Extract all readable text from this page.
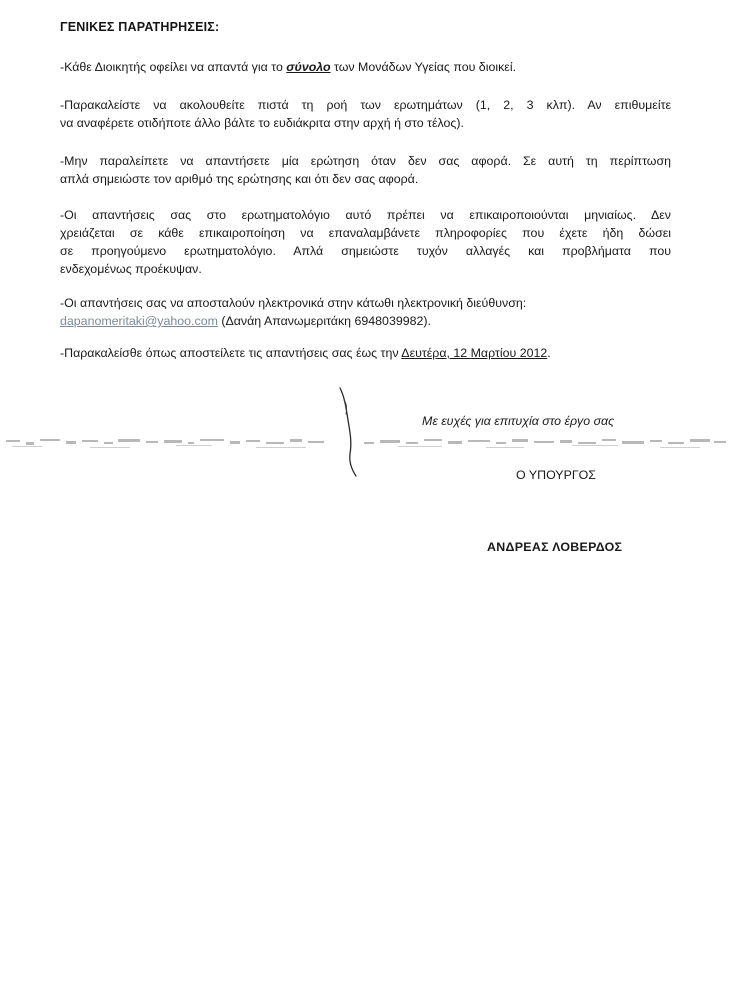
ΓΕΝΙΚΕΣ ΠΑΡΑΤΗΡΗΣΕΙΣ:

-Κάθε Διοικητής οφείλει να απαντά για το σύνολο των Μονάδων Υγείας που διοικεί.

-Παρακαλείστε να ακολουθείτε πιστά τη ροή των ερωτημάτων (1, 2, 3 κλπ). Αν επιθυμείτε
να αναφέρετε οτιδήποτε άλλο βάλτε το ευδιάκριτα στην αρχή ή στο τέλος).

-Μην παραλείπετε να απαντήσετε μία ερώτηση όταν δεν σας αφορά. Σε αυτή τη περίπτωση
απλά σημειώστε τον αριθμό της ερώτησης και ότι δεν σας αφορά.

-Οι απαντήσεις σας στο ερωτηματολόγιο αυτό πρέπει να επικαιροποιούνται μηνιαίως. Δεν
χρειάζεται σε κάθε επικαιροποίηση να επαναλαμβάνετε πληροφορίες που έχετε ήδη δώσει
σε προηγούμενο ερωτηματολόγιο. Απλά σημειώστε τυχόν αλλαγές και προβλήματα που
ενδεχομένως προέκυψαν.

-Οι απαντήσεις σας να αποσταλούν ηλεκτρονικά στην κάτωθι ηλεκτρονική διεύθυνση:
dapanomeritaki@yahoo.com (Δανάη Απανωμεριτάκη 6948039982).

-Παρακαλείσθε όπως αποστείλετε τις απαντήσεις σας έως την Δευτέρα, 12 Μαρτίου 2012.

Με ευχές για επιτυχία στο έργο σας
Ο ΥΠΟΥΡΓΟΣ
ΑΝΔΡΕΑΣ ΛΟΒΕΡΔΟΣ
